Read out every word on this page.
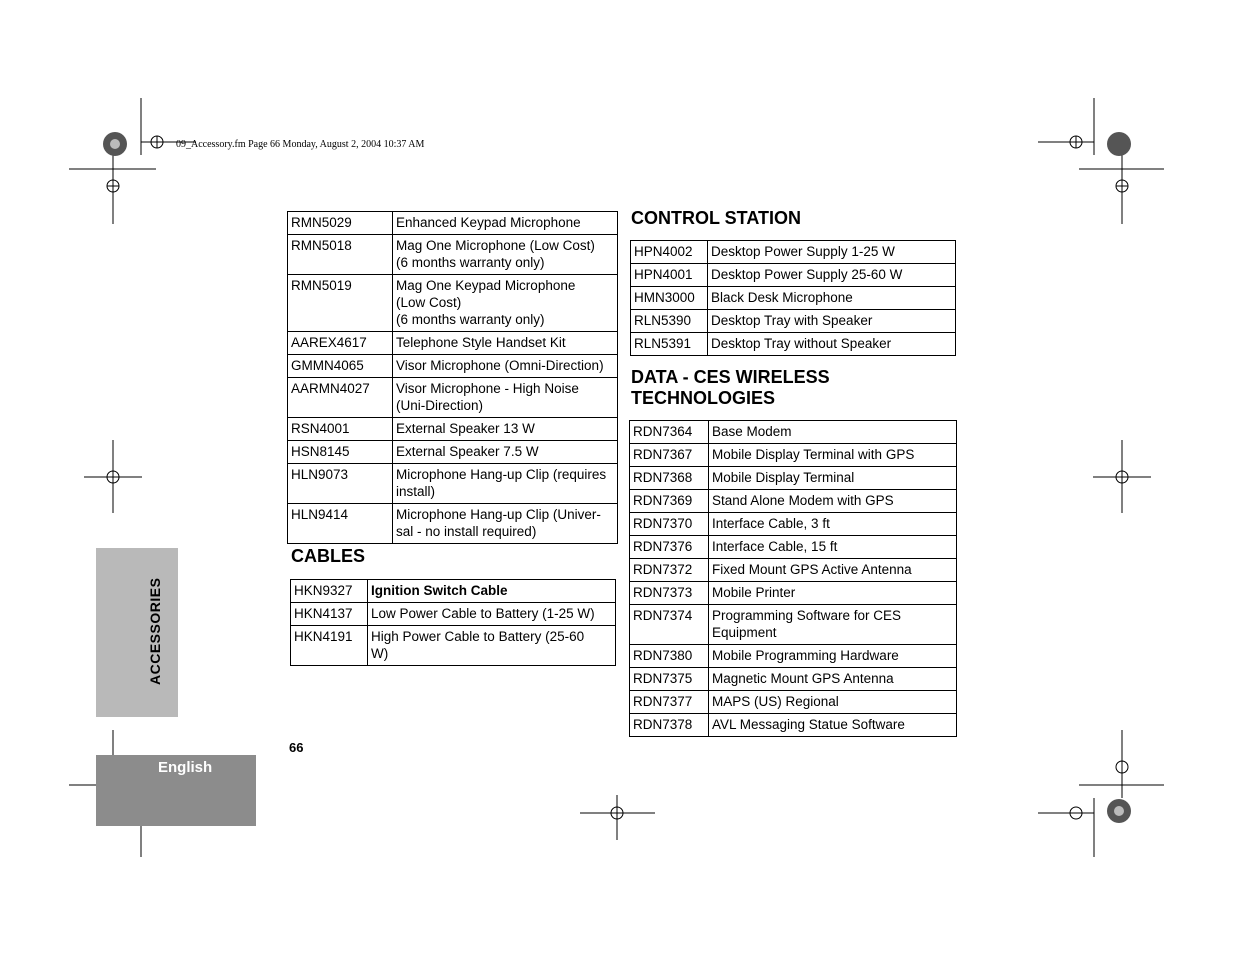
09_Accessory.fm Page 66 Monday, August 2, 2004 10:37 AM
ACCESSORIES
English
66
RMN5029	Enhanced Keypad Microphone
RMN5018	Mag One Microphone (Low Cost)
(6 months warranty only)
RMN5019	Mag One Keypad Microphone
(Low Cost)
(6 months warranty only)
AAREX4617	Telephone Style Handset Kit
GMMN4065	Visor Microphone (Omni-Direction)
AARMN4027	Visor Microphone - High Noise
(Uni-Direction)
RSN4001	External Speaker 13 W
HSN8145	External Speaker 7.5 W
HLN9073	Microphone Hang-up Clip (requires
install)
HLN9414	Microphone Hang-up Clip (Univer-
sal - no install required)
CABLES
HKN9327	Ignition Switch Cable
HKN4137	Low Power Cable to Battery (1-25 W)
HKN4191	High Power Cable to Battery (25-60
W)
CONTROL STATION
HPN4002	Desktop Power Supply 1-25 W
HPN4001	Desktop Power Supply 25-60 W
HMN3000	Black Desk Microphone
RLN5390	Desktop Tray with Speaker
RLN5391	Desktop Tray without Speaker
DATA - CES WIRELESS
TECHNOLOGIES
RDN7364	Base Modem
RDN7367	Mobile Display Terminal with GPS
RDN7368	Mobile Display Terminal
RDN7369	Stand Alone Modem with GPS
RDN7370	Interface Cable, 3 ft
RDN7376	Interface Cable, 15 ft
RDN7372	Fixed Mount GPS Active Antenna
RDN7373	Mobile Printer
RDN7374	Programming Software for CES
Equipment
RDN7380	Mobile Programming Hardware
RDN7375	Magnetic Mount GPS Antenna
RDN7377	MAPS (US) Regional
RDN7378	AVL Messaging Statue Software
